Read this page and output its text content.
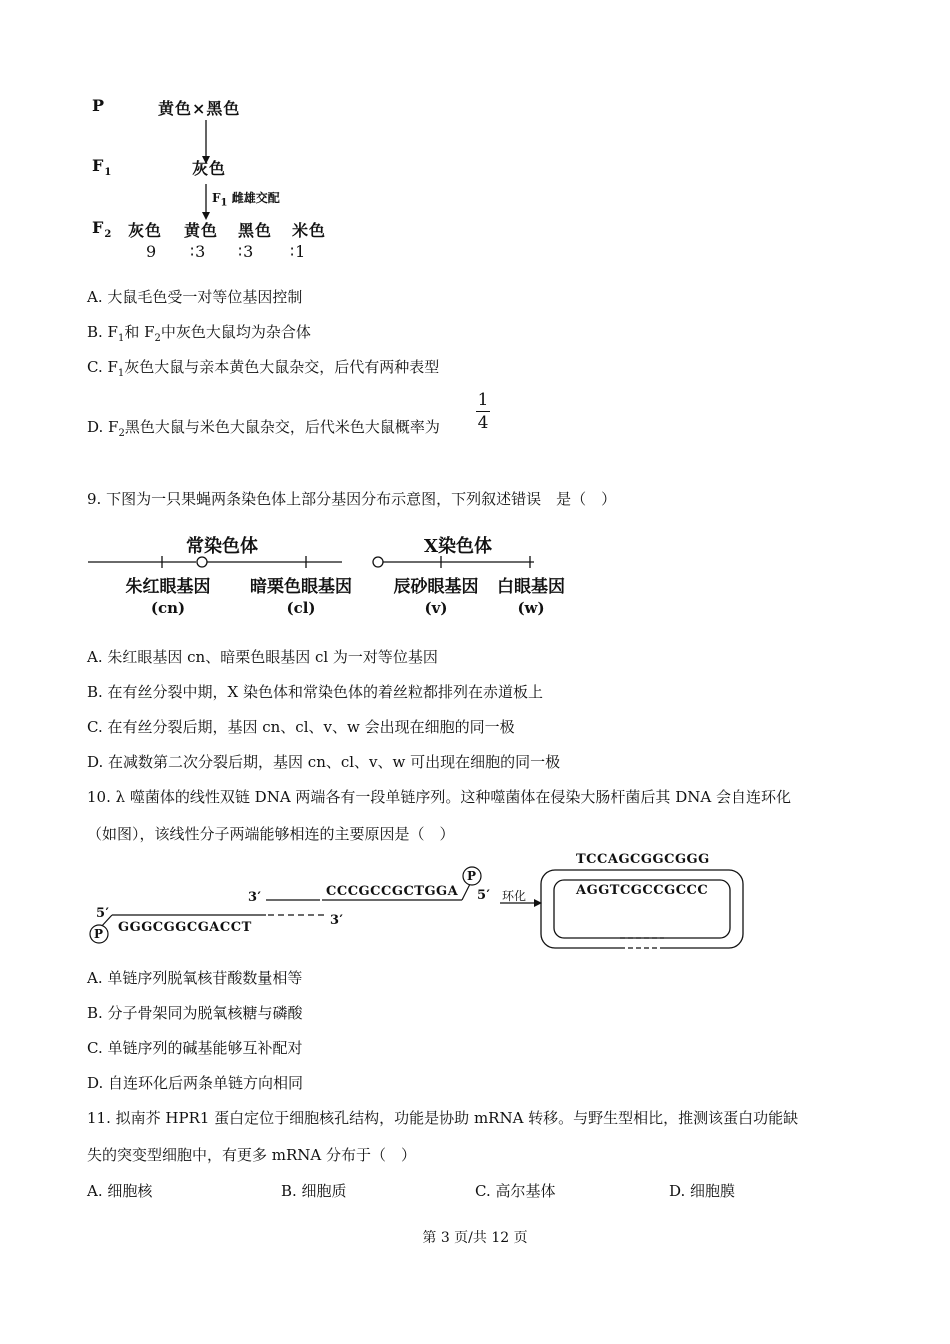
P	黄色×黑色
$F_1$	灰色
$F_1$ 雌雄交配
$F_2$ 灰色 黄色 黑色 米色
9 ∶3 ∶3 ∶1
A. 大鼠毛色受一对等位基因控制
B. $F_1$和 $F_2$中灰色大鼠均为杂合体
C. $F_1$灰色大鼠与亲本黄色大鼠杂交，后代有两种表型
D. $F_2$黑色大鼠与米色大鼠杂交，后代米色大鼠概率为
1
4
9. 下图为一只果蝇两条染色体上部分基因分布示意图，下列叙述错误　是（　）
常染色体	X染色体
朱红眼基因
(cn)
暗栗色眼基因
(cl)
辰砂眼基因
(v)
白眼基因
(w)
A. 朱红眼基因 cn、暗栗色眼基因 cl 为一对等位基因
B. 在有丝分裂中期，X 染色体和常染色体的着丝粒都排列在赤道板上
C. 在有丝分裂后期，基因 cn、cl、v、w 会出现在细胞的同一极
D. 在减数第二次分裂后期，基因 cn、cl、v、w 可出现在细胞的同一极
10. λ 噬菌体的线性双链 DNA 两端各有一段单链序列。这种噬菌体在侵染大肠杆菌后其 DNA 会自连环化
（如图），该线性分子两端能够相连的主要原因是（　）
3′	CCCGCCGCTGGA 5′
5′
GGGCGGCGACCT	3′
P
P
环化
TCCAGCGGCGGG
AGGTCGCCGCCC
A. 单链序列脱氧核苷酸数量相等
B. 分子骨架同为脱氧核糖与磷酸
C. 单链序列的碱基能够互补配对
D. 自连环化后两条单链方向相同
11. 拟南芥 HPR1 蛋白定位于细胞核孔结构，功能是协助 mRNA 转移。与野生型相比，推测该蛋白功能缺
失的突变型细胞中，有更多 mRNA 分布于（　）
A. 细胞核	B. 细胞质	C. 高尔基体	D. 细胞膜
第 3 页/共 12 页
